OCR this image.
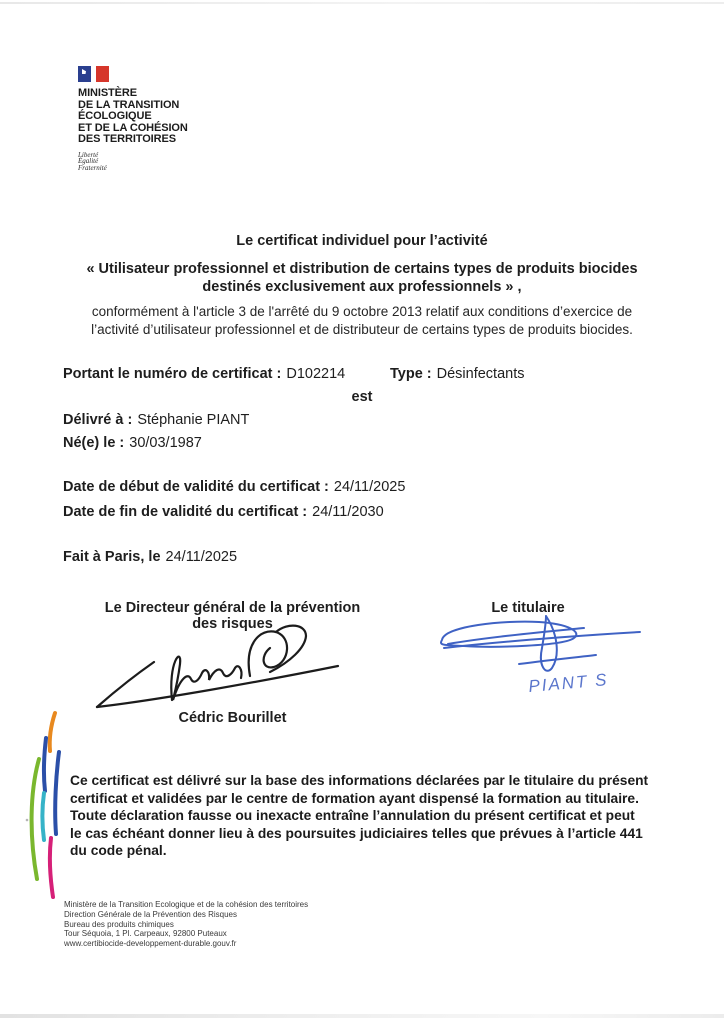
MINISTÈRE
DE LA TRANSITION
ÉCOLOGIQUE
ET DE LA COHÉSION
DES TERRITOIRES
Liberté
Égalité
Fraternité
Le certificat individuel pour l’activité
« Utilisateur professionnel et distribution de certains types de produits biocides
destinés exclusivement aux professionnels » ,
conformément à l'article 3 de l'arrêté du 9 octobre 2013 relatif aux conditions d’exercice de
l’activité d’utilisateur professionnel et de distributeur de certains types de produits biocides.
Portant le numéro de certificat : D102214	Type : Désinfectants
est
Délivré à : Stéphanie PIANT
Né(e) le : 30/03/1987
Date de début de validité du certificat : 24/11/2025
Date de fin de validité du certificat : 24/11/2030
Fait à Paris, le 24/11/2025
Le Directeur général de la prévention
des risques
Cédric Bourillet
Le titulaire
PIANT S
Ce certificat est délivré sur la base des informations déclarées par le titulaire du présent
certificat et validées par le centre de formation ayant dispensé la formation au titulaire.
Toute déclaration fausse ou inexacte entraîne l’annulation du présent certificat et peut
le cas échéant donner lieu à des poursuites judiciaires telles que prévues à l’article 441
du code pénal.
Ministère de la Transition Ecologique et de la cohésion des territoires
Direction Générale de la Prévention des Risques
Bureau des produits chimiques
Tour Séquoia, 1 Pl. Carpeaux, 92800 Puteaux
www.certibiocide-developpement-durable.gouv.fr
